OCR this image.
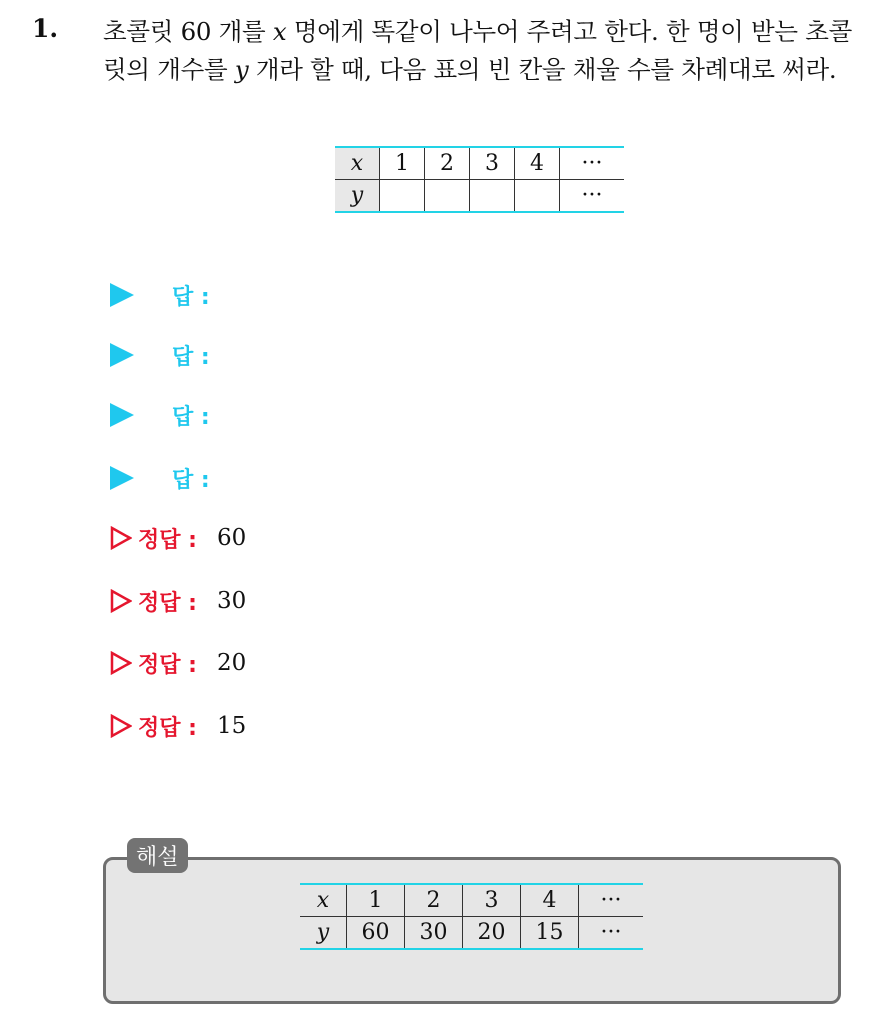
1. 초콜릿 60 개를 x 명에게 똑같이 나누어 주려고 한다. 한 명이 받는 초콜릿의 개수를 y 개라 할 때, 다음 표의 빈 칸을 채울 수를 차례대로 써라.
x	1	2	3	4	···
y					···
답 :
답 :
답 :
답 :
정답 : 60
정답 : 30
정답 : 20
정답 : 15
해설
x	1	2	3	4	···
y	60	30	20	15	···
